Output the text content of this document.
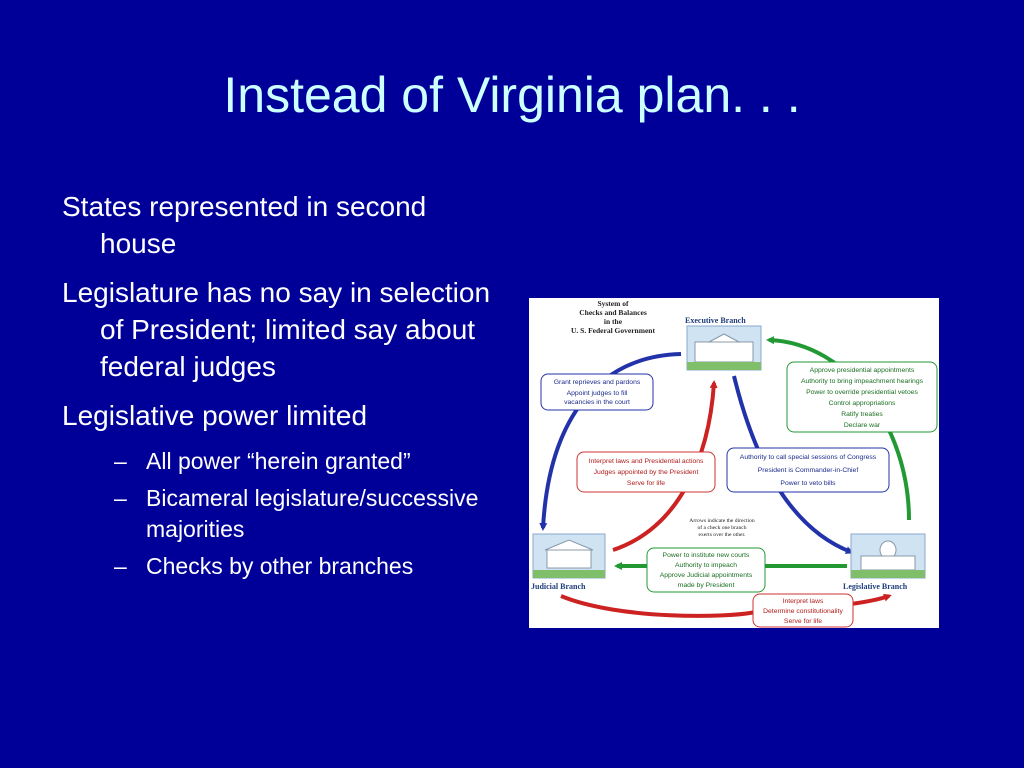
Instead of Virginia plan. . .
States represented in second house
Legislature has no say in selection of President; limited say about federal judges
Legislative power limited
– All power “herein granted”
– Bicameral legislature/successive majorities
– Checks by other branches
System of
Checks and Balances
in the
U. S. Federal Government
Executive Branch
Judicial Branch	Legislative Branch
Grant reprieves and pardons
Appoint judges to fill
vacancies in the court
Approve presidential appointments
Authority to bring impeachment hearings
Power to override presidential vetoes
Control appropriations
Ratify treaties
Declare war
Interpret laws and Presidential actions
Judges appointed by the President
Serve for life
Authority to call special sessions of Congress
President is Commander-in-Chief
Power to veto bills
Arrows indicate the direction
of a check one branch
exerts over the other.
Power to institute new courts
Authority to impeach
Approve Judicial appointments
made by President
Interpret laws
Determine constitutionality
Serve for life
